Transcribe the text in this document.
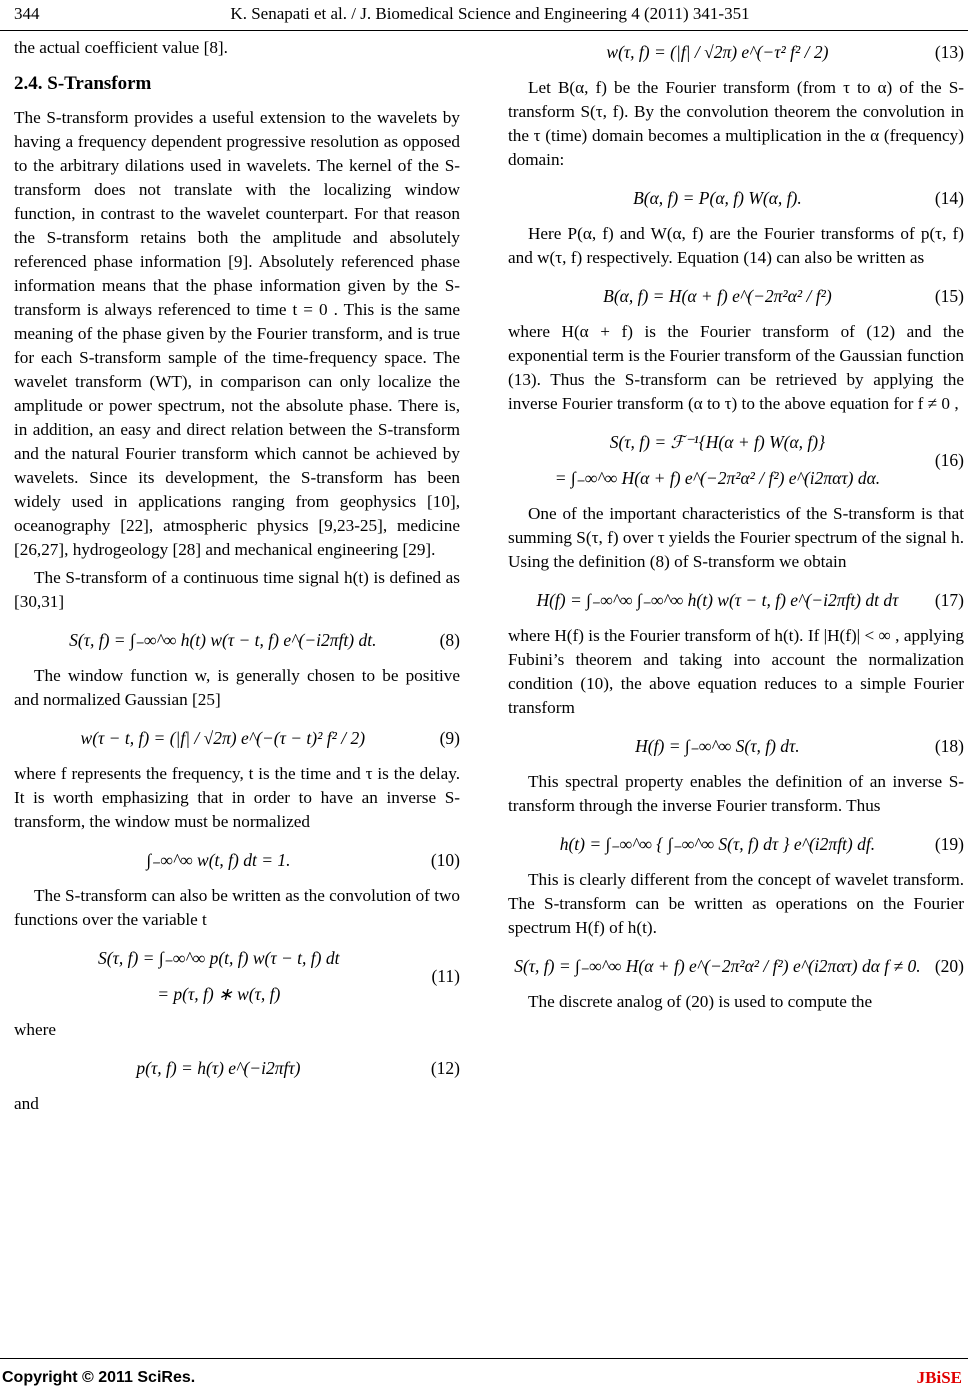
344	K. Senapati et al. / J. Biomedical Science and Engineering 4 (2011) 341-351
the actual coefficient value [8].
2.4. S-Transform
The S-transform provides a useful extension to the wavelets by having a frequency dependent progressive resolution as opposed to the arbitrary dilations used in wavelets. The kernel of the S-transform does not translate with the localizing window function, in contrast to the wavelet counterpart. For that reason the S-transform retains both the amplitude and absolutely referenced phase information [9]. Absolutely referenced phase information means that the phase information given by the S-transform is always referenced to time t = 0 . This is the same meaning of the phase given by the Fourier transform, and is true for each S-transform sample of the time-frequency space. The wavelet transform (WT), in comparison can only localize the amplitude or power spectrum, not the absolute phase. There is, in addition, an easy and direct relation between the S-transform and the natural Fourier transform which cannot be achieved by wavelets. Since its development, the S-transform has been widely used in applications ranging from geophysics [10], oceanography [22], atmospheric physics [9,23-25], medicine [26,27], hydrogeology [28] and mechanical engineering [29].
The S-transform of a continuous time signal h(t) is defined as [30,31]
S(τ, f) = ∫₋∞^∞ h(t) w(τ − t, f) e^(−i2πft) dt.	(8)
The window function w, is generally chosen to be positive and normalized Gaussian [25]
w(τ − t, f) = (|f| / √2π) e^(−(τ − t)² f² / 2)	(9)
where f represents the frequency, t is the time and τ is the delay. It is worth emphasizing that in order to have an inverse S-transform, the window must be normalized
∫₋∞^∞ w(t, f) dt = 1.	(10)
The S-transform can also be written as the convolution of two functions over the variable t
S(τ, f) = ∫₋∞^∞ p(t, f) w(τ − t, f) dt
= p(τ, f) ∗ w(τ, f)
(11)
where
p(τ, f) = h(τ) e^(−i2πfτ)	(12)
and
w(τ, f) = (|f| / √2π) e^(−τ² f² / 2)	(13)
Let B(α, f) be the Fourier transform (from τ to α) of the S-transform S(τ, f). By the convolution theorem the convolution in the τ (time) domain becomes a multiplication in the α (frequency) domain:
B(α, f) = P(α, f) W(α, f).	(14)
Here P(α, f) and W(α, f) are the Fourier transforms of p(τ, f) and w(τ, f) respectively. Equation (14) can also be written as
B(α, f) = H(α + f) e^(−2π²α² / f²)	(15)
where H(α + f) is the Fourier transform of (12) and the exponential term is the Fourier transform of the Gaussian function (13). Thus the S-transform can be retrieved by applying the inverse Fourier transform (α to τ) to the above equation for f ≠ 0 ,
S(τ, f) = ℱ⁻¹{H(α + f) W(α, f)}
= ∫₋∞^∞ H(α + f) e^(−2π²α² / f²) e^(i2πατ) dα.
(16)
One of the important characteristics of the S-transform is that summing S(τ, f) over τ yields the Fourier spectrum of the signal h. Using the definition (8) of S-transform we obtain
H(f) = ∫₋∞^∞ ∫₋∞^∞ h(t) w(τ − t, f) e^(−i2πft) dt dτ	(17)
where H(f) is the Fourier transform of h(t). If |H(f)| < ∞ , applying Fubini’s theorem and taking into account the normalization condition (10), the above equation reduces to a simple Fourier transform
H(f) = ∫₋∞^∞ S(τ, f) dτ.	(18)
This spectral property enables the definition of an inverse S-transform through the inverse Fourier transform. Thus
h(t) = ∫₋∞^∞ { ∫₋∞^∞ S(τ, f) dτ } e^(i2πft) df.	(19)
This is clearly different from the concept of wavelet transform. The S-transform can be written as operations on the Fourier spectrum H(f) of h(t).
S(τ, f) = ∫₋∞^∞ H(α + f) e^(−2π²α² / f²) e^(i2πατ) dα f ≠ 0. (20)
The discrete analog of (20) is used to compute the
Copyright © 2011 SciRes.	JBiSE
